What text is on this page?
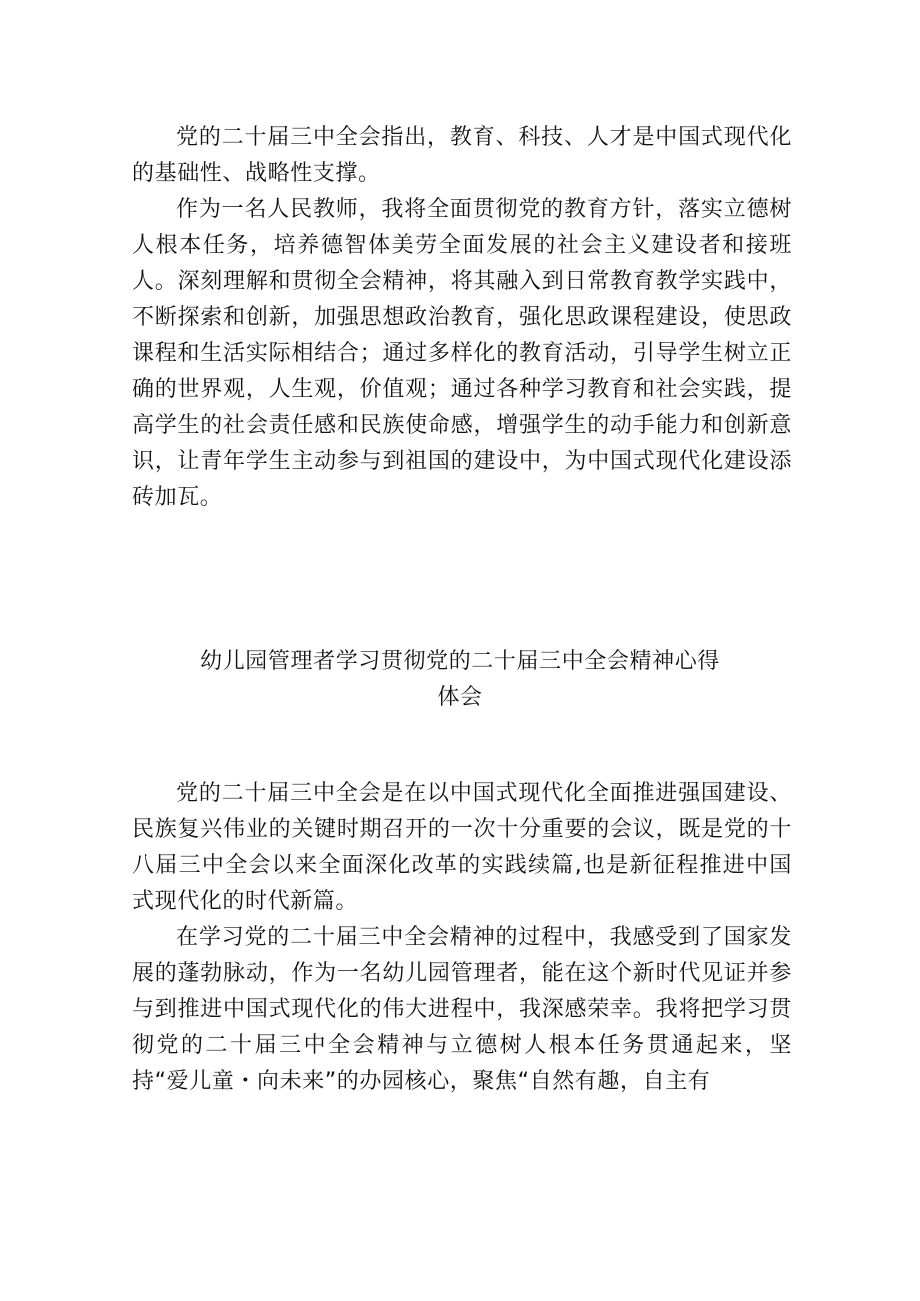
党的二十届三中全会指出，教育、科技、人才是中国式现代化的基础性、战略性支撑。

作为一名人民教师，我将全面贯彻党的教育方针，落实立德树人根本任务，培养德智体美劳全面发展的社会主义建设者和接班人。深刻理解和贯彻全会精神，将其融入到日常教育教学实践中，不断探索和创新，加强思想政治教育，强化思政课程建设，使思政课程和生活实际相结合；通过多样化的教育活动，引导学生树立正确的世界观，人生观，价值观；通过各种学习教育和社会实践，提高学生的社会责任感和民族使命感，增强学生的动手能力和创新意识，让青年学生主动参与到祖国的建设中，为中国式现代化建设添砖加瓦。

幼儿园管理者学习贯彻党的二十届三中全会精神心得
体会

党的二十届三中全会是在以中国式现代化全面推进强国建设、民族复兴伟业的关键时期召开的一次十分重要的会议，既是党的十八届三中全会以来全面深化改革的实践续篇,也是新征程推进中国式现代化的时代新篇。

在学习党的二十届三中全会精神的过程中，我感受到了国家发展的蓬勃脉动，作为一名幼儿园管理者，能在这个新时代见证并参与到推进中国式现代化的伟大进程中，我深感荣幸。我将把学习贯彻党的二十届三中全会精神与立德树人根本任务贯通起来，坚持“爱儿童・向未来”的办园核心，聚焦“自然有趣，自主有
